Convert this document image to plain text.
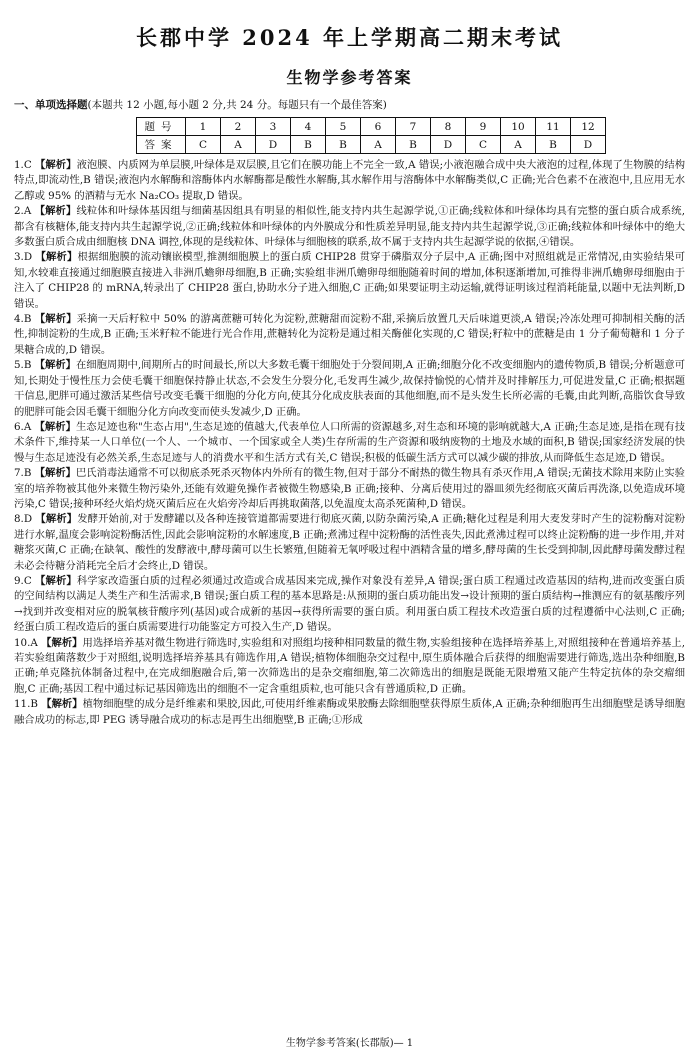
长郡中学 2024 年上学期高二期末考试
生物学参考答案
一、单项选择题(本题共 12 小题,每小题 2 分,共 24 分。每题只有一个最佳答案)
题号	1	2	3	4	5	6	7	8	9	10	11	12
答案	C	A	D	B	B	A	B	D	C	A	B	D

1.C 【解析】液泡膜、内质网为单层膜,叶绿体是双层膜,且它们在膜功能上不完全一致,A 错误;小液泡融合成中央大液泡的过程,体现了生物膜的结构特点,即流动性,B 错误;液泡内水解酶和溶酶体内水解酶都是酸性水解酶,其水解作用与溶酶体中水解酶类似,C 正确;光合色素不在液泡中,且应用无水乙醇或 95% 的酒精与无水 Na₂CO₃ 提取,D 错误。

2.A 【解析】线粒体和叶绿体基因组与细菌基因组具有明显的相似性,能支持内共生起源学说,①正确;线粒体和叶绿体均具有完整的蛋白质合成系统,都含有核糖体,能支持内共生起源学说,②正确;线粒体和叶绿体的内外膜成分和性质差异明显,能支持内共生起源学说,③正确;线粒体和叶绿体中的绝大多数蛋白质合成由细胞核 DNA 调控,体现的是线粒体、叶绿体与细胞核的联系,故不属于支持内共生起源学说的依据,④错误。

3.D 【解析】根据细胞膜的流动镶嵌模型,推测细胞膜上的蛋白质 CHIP28 贯穿于磷脂双分子层中,A 正确;图中对照组就是正常情况,由实验结果可知,水较难直接通过细胞膜直接进入非洲爪蟾卵母细胞,B 正确;实验组非洲爪蟾卵母细胞随着时间的增加,体积逐渐增加,可推得非洲爪蟾卵母细胞由于注入了 CHIP28 的 mRNA,转录出了 CHIP28 蛋白,协助水分子进入细胞,C 正确;如果要证明主动运输,就得证明该过程消耗能量,以题中无法判断,D 错误。

4.B 【解析】采摘一天后籽粒中 50% 的游离蔗糖可转化为淀粉,蔗糖甜而淀粉不甜,采摘后放置几天后味道更淡,A 错误;冷冻处理可抑制相关酶的活性,抑制淀粉的生成,B 正确;玉米籽粒不能进行光合作用,蔗糖转化为淀粉是通过相关酶催化实现的,C 错误;籽粒中的蔗糖是由 1 分子葡萄糖和 1 分子果糖合成的,D 错误。

5.B 【解析】在细胞周期中,间期所占的时间最长,所以大多数毛囊干细胞处于分裂间期,A 正确;细胞分化不改变细胞内的遗传物质,B 错误;分析题意可知,长期处于慢性压力会使毛囊干细胞保持静止状态,不会发生分裂分化,毛发再生减少,故保持愉悦的心情并及时排解压力,可促进发量,C 正确;根据题干信息,肥胖可通过激活某些信号改变毛囊干细胞的分化方向,使其分化成皮肤表面的其他细胞,而不是头发生长所必需的毛囊,由此判断,高脂饮食导致的肥胖可能会因毛囊干细胞分化方向改变而使头发减少,D 正确。

6.A 【解析】生态足迹也称"生态占用",生态足迹的值越大,代表单位人口所需的资源越多,对生态和环境的影响就越大,A 正确;生态足迹,是指在现有技术条件下,维持某一人口单位(一个人、一个城市、一个国家或全人类)生存所需的生产资源和吸纳废物的土地及水域的面积,B 错误;国家经济发展的快慢与生态足迹没有必然关系,生态足迹与人的消费水平和生活方式有关,C 错误;积极的低碳生活方式可以减少碳的排放,从而降低生态足迹,D 错误。

7.B 【解析】巴氏消毒法通常不可以彻底杀死杀灭物体内外所有的微生物,但对于部分不耐热的微生物具有杀灭作用,A 错误;无菌技术除用来防止实验室的培养物被其他外来微生物污染外,还能有效避免操作者被微生物感染,B 正确;接种、分离后使用过的器皿须先经彻底灭菌后再洗涤,以免造成环境污染,C 错误;接种环经火焰灼烧灭菌后应在火焰旁冷却后再挑取菌落,以免温度太高杀死菌种,D 错误。

8.D 【解析】发酵开始前,对于发酵罐以及各种连接管道都需要进行彻底灭菌,以防杂菌污染,A 正确;糖化过程是利用大麦发芽时产生的淀粉酶对淀粉进行水解,温度会影响淀粉酶活性,因此会影响淀粉的水解速度,B 正确;煮沸过程中淀粉酶的活性丧失,因此煮沸过程可以终止淀粉酶的进一步作用,并对糖浆灭菌,C 正确;在缺氧、酸性的发酵液中,酵母菌可以生长繁殖,但随着无氧呼吸过程中酒精含量的增多,酵母菌的生长受到抑制,因此酵母菌发酵过程未必会待糖分消耗完全后才会终止,D 错误。

9.C 【解析】科学家改造蛋白质的过程必须通过改造或合成基因来完成,操作对象没有差异,A 错误;蛋白质工程通过改造基因的结构,进而改变蛋白质的空间结构以满足人类生产和生活需求,B 错误;蛋白质工程的基本思路是:从预期的蛋白质功能出发→设计预期的蛋白质结构→推测应有的氨基酸序列→找到并改变相对应的脱氧核苷酸序列(基因)或合成新的基因→获得所需要的蛋白质。利用蛋白质工程技术改造蛋白质的过程遵循中心法则,C 正确;经蛋白质工程改造后的蛋白质需要进行功能鉴定方可投入生产,D 错误。

10.A 【解析】用选择培养基对微生物进行筛选时,实验组和对照组均接种相同数量的微生物,实验组接种在选择培养基上,对照组接种在普通培养基上,若实验组菌落数少于对照组,说明选择培养基具有筛选作用,A 错误;植物体细胞杂交过程中,原生质体融合后获得的细胞需要进行筛选,选出杂种细胞,B 正确;单克隆抗体制备过程中,在完成细胞融合后,第一次筛选出的是杂交瘤细胞,第二次筛选出的细胞是既能无限增殖又能产生特定抗体的杂交瘤细胞,C 正确;基因工程中通过标记基因筛选出的细胞不一定含重组质粒,也可能只含有普通质粒,D 正确。

11.B 【解析】植物细胞壁的成分是纤维素和果胶,因此,可使用纤维素酶或果胶酶去除细胞壁获得原生质体,A 正确;杂种细胞再生出细胞壁是诱导细胞融合成功的标志,即 PEG 诱导融合成功的标志是再生出细胞壁,B 正确;①形成

生物学参考答案(长郡版)— 1
